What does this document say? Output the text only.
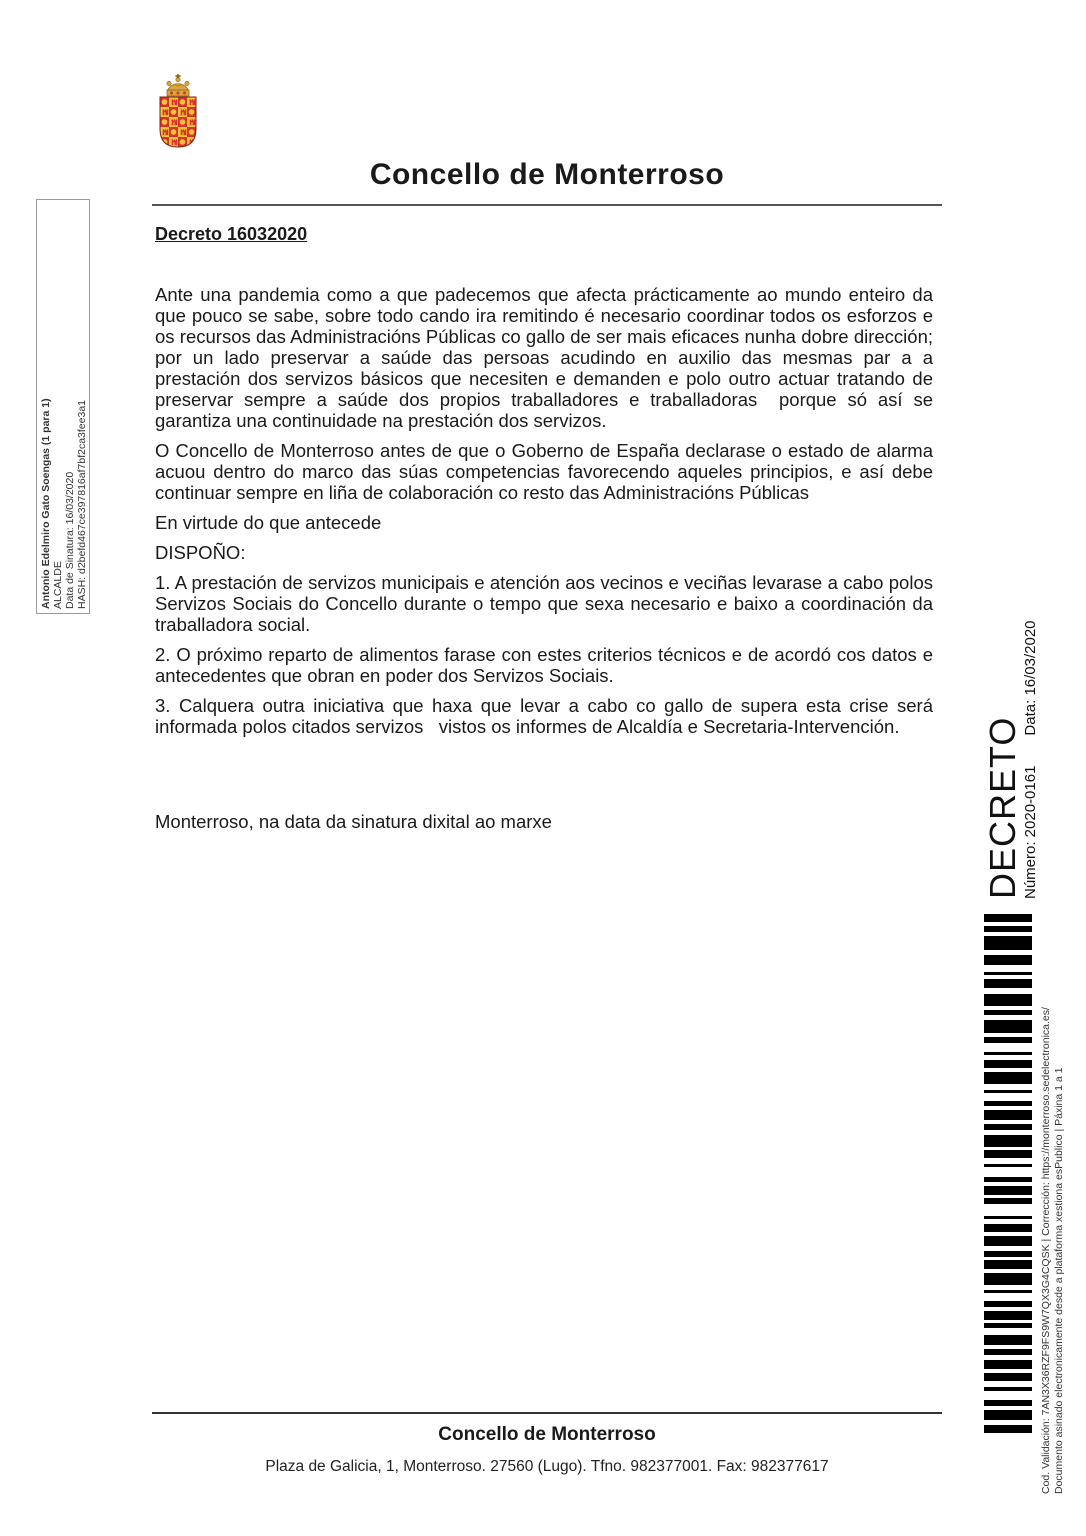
Concello de Monterroso
Decreto 16032020

Ante una pandemia como a que padecemos que afecta prácticamente ao mundo enteiro da que pouco se sabe, sobre todo cando ira remitindo é necesario coordinar todos os esforzos e os recursos das Administracións Públicas co gallo de ser mais eficaces nunha dobre dirección; por un lado preservar a saúde das persoas acudindo en auxilio das mesmas par a a prestación dos servizos básicos que necesiten e demanden e polo outro actuar tratando de preservar sempre a saúde dos propios traballadores e traballadoras  porque só así se garantiza una continuidade na prestación dos servizos.

O Concello de Monterroso antes de que o Goberno de España declarase o estado de alarma acuou dentro do marco das súas competencias favorecendo aqueles principios, e así debe continuar sempre en liña de colaboración co resto das Administracións Públicas

En virtude do que antecede

DISPOÑO:

1. A prestación de servizos municipais e atención aos vecinos e veciñas levarase a cabo polos Servizos Sociais do Concello durante o tempo que sexa necesario e baixo a coordinación da traballadora social.

2. O próximo reparto de alimentos farase con estes criterios técnicos e de acordó cos datos e antecedentes que obran en poder dos Servizos Sociais.

3. Calquera outra iniciativa que haxa que levar a cabo co gallo de supera esta crise será informada polos citados servizos   vistos os informes de Alcaldía e Secretaria-Intervención.

Monterroso, na data da sinatura dixital ao marxe

Antonio Edelmiro Gato Soengas (1 para 1) ALCALDE Data de Sinatura: 16/03/2020 HASH: d2befd467ce397816af7bf2ca3fee3a1
DECRETO Número: 2020-0161Data: 16/03/2020
Cod. Validación: 7AN3X36RZF9FS9W7QX3G4CQSK | Corrección: https://monterroso.sedelectronica.es/ Documento asinado electronicamente desde a plataforma xestiona esPublico | Páxina 1 a 1
Concello de Monterroso
Plaza de Galicia, 1, Monterroso. 27560 (Lugo). Tfno. 982377001. Fax: 982377617
